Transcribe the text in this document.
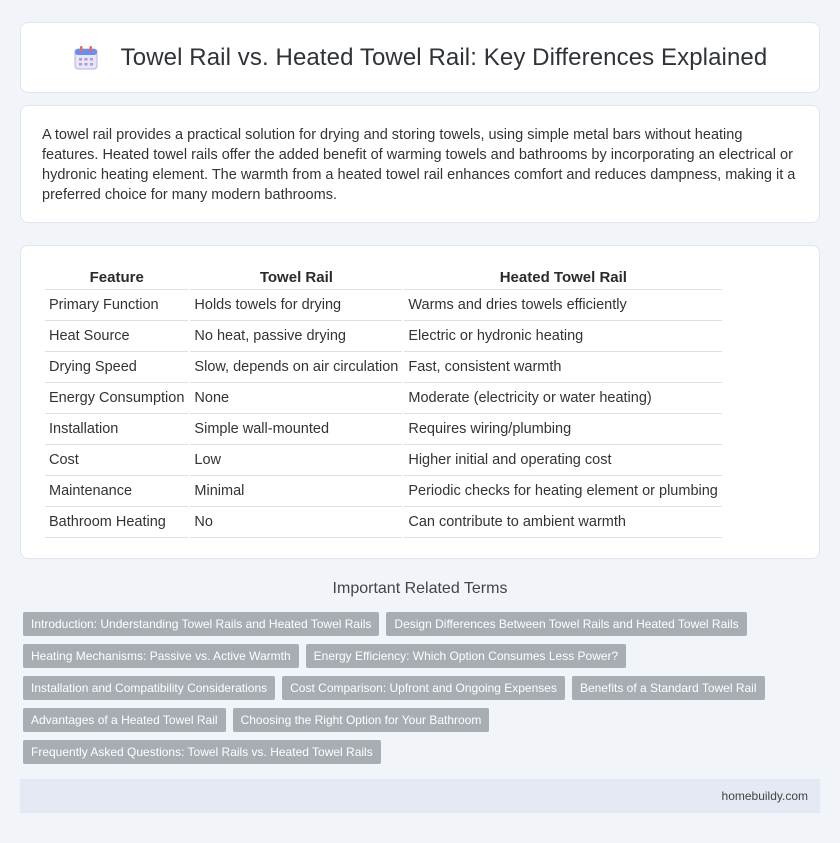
Towel Rail vs. Heated Towel Rail: Key Differences Explained

A towel rail provides a practical solution for drying and storing towels, using simple metal bars without heating features. Heated towel rails offer the added benefit of warming towels and bathrooms by incorporating an electrical or hydronic heating element. The warmth from a heated towel rail enhances comfort and reduces dampness, making it a preferred choice for many modern bathrooms.

Feature	Towel Rail	Heated Towel Rail
Primary Function	Holds towels for drying	Warms and dries towels efficiently
Heat Source	No heat, passive drying	Electric or hydronic heating
Drying Speed	Slow, depends on air circulation	Fast, consistent warmth
Energy Consumption	None	Moderate (electricity or water heating)
Installation	Simple wall-mounted	Requires wiring/plumbing
Cost	Low	Higher initial and operating cost
Maintenance	Minimal	Periodic checks for heating element or plumbing
Bathroom Heating	No	Can contribute to ambient warmth
Important Related Terms
Introduction: Understanding Towel Rails and Heated Towel Rails	Design Differences Between Towel Rails and Heated Towel Rails
Heating Mechanisms: Passive vs. Active Warmth	Energy Efficiency: Which Option Consumes Less Power?
Installation and Compatibility Considerations	Cost Comparison: Upfront and Ongoing Expenses	Benefits of a Standard Towel Rail
Advantages of a Heated Towel Rail	Choosing the Right Option for Your Bathroom
Frequently Asked Questions: Towel Rails vs. Heated Towel Rails
homebuildy.com
